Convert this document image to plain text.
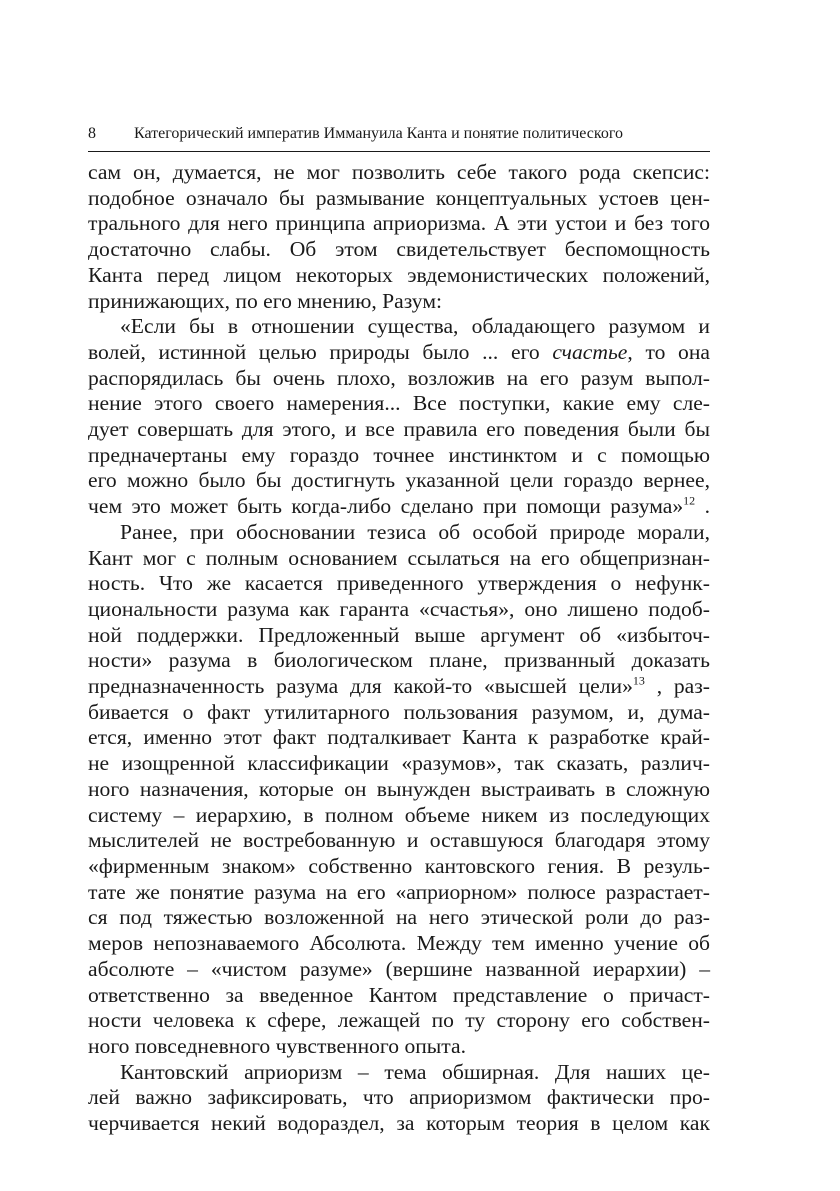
8 Категорический императив Иммануила Канта и понятие политического
сам он, думается, не мог позволить себе такого рода скепсис:
подобное означало бы размывание концептуальных устоев цен-
трального для него принципа априоризма. А эти устои и без того
достаточно слабы. Об этом свидетельствует беспомощность
Канта перед лицом некоторых эвдемонистических положений,
принижающих, по его мнению, Разум:
«Если бы в отношении существа, обладающего разумом и
волей, истинной целью природы было ... его счастье, то она
распорядилась бы очень плохо, возложив на его разум выпол-
нение этого своего намерения... Все поступки, какие ему сле-
дует совершать для этого, и все правила его поведения были бы
предначертаны ему гораздо точнее инстинктом и с помощью
его можно было бы достигнуть указанной цели гораздо вернее,
чем это может быть когда-либо сделано при помощи разума»$^{12}$ .
Ранее, при обосновании тезиса об особой природе морали,
Кант мог с полным основанием ссылаться на его общепризнан-
ность. Что же касается приведенного утверждения о нефунк-
циональности разума как гаранта «счастья», оно лишено подоб-
ной поддержки. Предложенный выше аргумент об «избыточ-
ности» разума в биологическом плане, призванный доказать
предназначенность разума для какой-то «высшей цели»$^{13}$ , раз-
бивается о факт утилитарного пользования разумом, и, дума-
ется, именно этот факт подталкивает Канта к разработке край-
не изощренной классификации «разумов», так сказать, различ-
ного назначения, которые он вынужден выстраивать в сложную
систему – иерархию, в полном объеме никем из последующих
мыслителей не востребованную и оставшуюся благодаря этому
«фирменным знаком» собственно кантовского гения. В резуль-
тате же понятие разума на его «априорном» полюсе разрастает-
ся под тяжестью возложенной на него этической роли до раз-
меров непознаваемого Абсолюта. Между тем именно учение об
абсолюте – «чистом разуме» (вершине названной иерархии) –
ответственно за введенное Кантом представление о причаст-
ности человека к сфере, лежащей по ту сторону его собствен-
ного повседневного чувственного опыта.
Кантовский априоризм – тема обширная. Для наших це-
лей важно зафиксировать, что априоризмом фактически про-
черчивается некий водораздел, за которым теория в целом как
